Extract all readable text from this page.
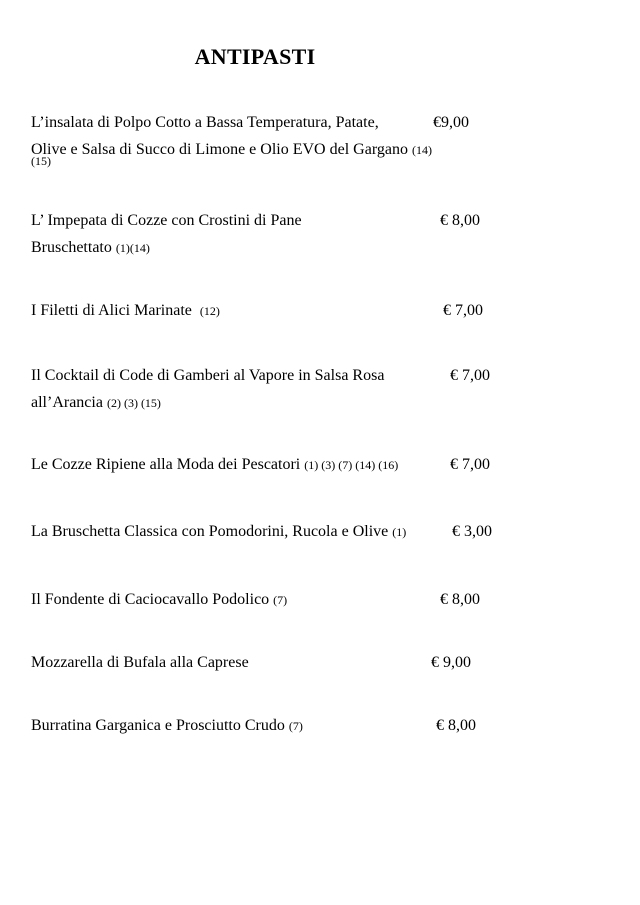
ANTIPASTI
L’insalata di Polpo Cotto a Bassa Temperatura, Patate,	€9,00
Olive e Salsa di Succo di Limone e Olio EVO del Gargano (14)
(15)
L’ Impepata di Cozze con Crostini di Pane	€ 8,00
Bruschettato (1)(14)
I Filetti di Alici Marinate (12)	€ 7,00
Il Cocktail di Code di Gamberi al Vapore in Salsa Rosa	€ 7,00
all’Arancia (2) (3) (15)
Le Cozze Ripiene alla Moda dei Pescatori (1) (3) (7) (14) (16)	€ 7,00
La Bruschetta Classica con Pomodorini, Rucola e Olive (1)	€ 3,00
Il Fondente di Caciocavallo Podolico (7)	€ 8,00
Mozzarella di Bufala alla Caprese	€ 9,00
Burratina Garganica e Prosciutto Crudo (7)	€ 8,00
